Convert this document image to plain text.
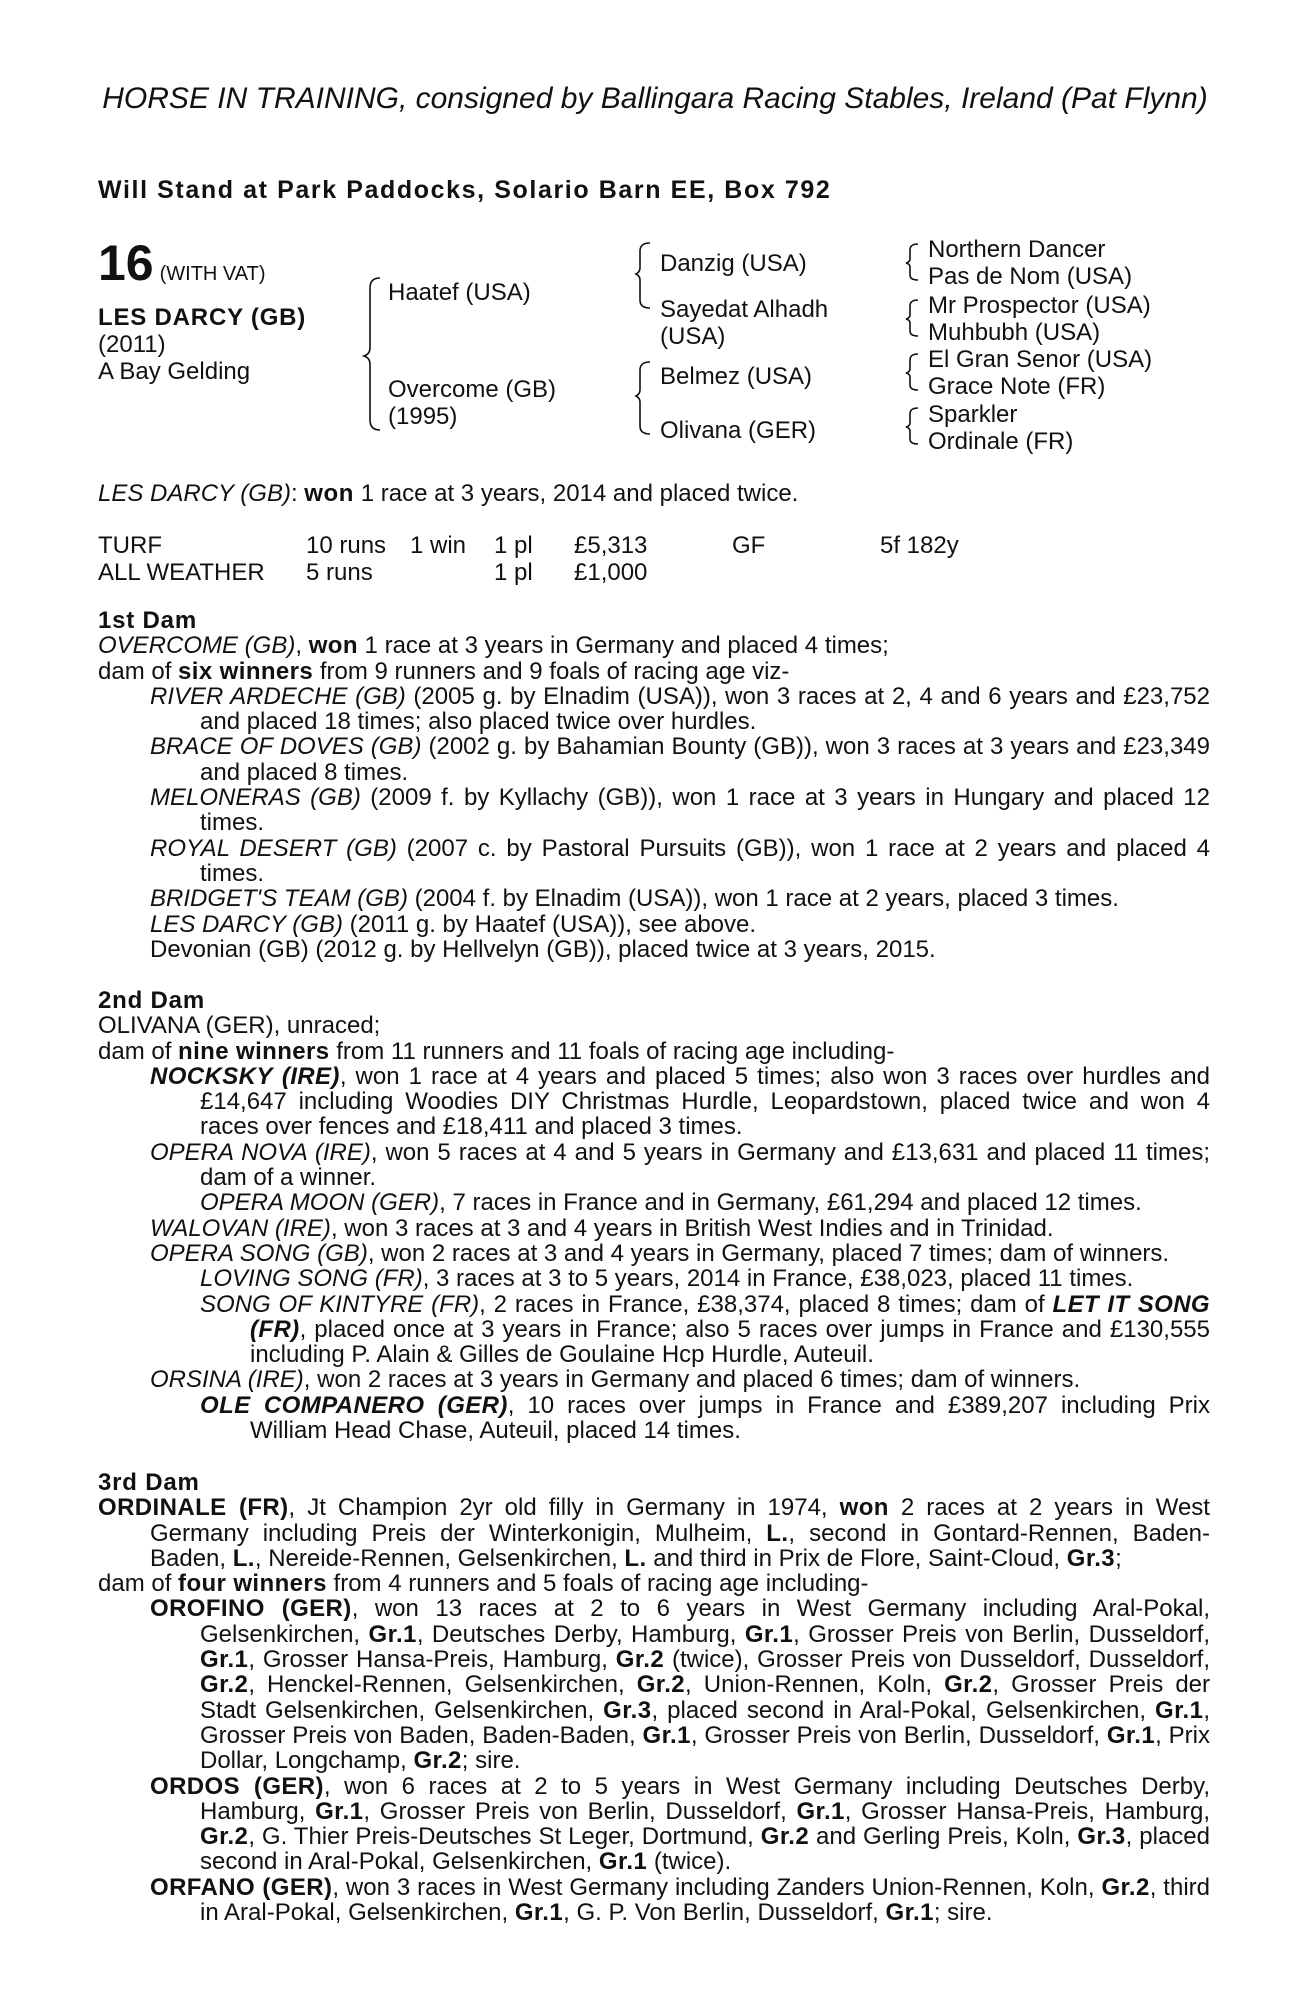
HORSE IN TRAINING, consigned by Ballingara Racing Stables, Ireland (Pat Flynn)
Will Stand at Park Paddocks, Solario Barn EE, Box 792
16 (WITH VAT)
LES DARCY (GB)
(2011)
A Bay Gelding
Haatef (USA)
Overcome (GB)
(1995)
Danzig (USA)
Sayedat Alhadh
(USA)
Belmez (USA)
Olivana (GER)
Northern Dancer
Pas de Nom (USA)
Mr Prospector (USA)
Muhbubh (USA)
El Gran Senor (USA)
Grace Note (FR)
Sparkler
Ordinale (FR)
LES DARCY (GB): won 1 race at 3 years, 2014 and placed twice.
TURF	10 runs 1 win 1 pl £5,313	GF	5f 182y
ALL WEATHER 5 runs	1 pl £1,000

1st Dam

OVERCOME (GB), won 1 race at 3 years in Germany and placed 4 times;

dam of six winners from 9 runners and 9 foals of racing age viz-

RIVER ARDECHE (GB) (2005 g. by Elnadim (USA)), won 3 races at 2, 4 and 6 years and £23,752 and placed 18 times; also placed twice over hurdles.

BRACE OF DOVES (GB) (2002 g. by Bahamian Bounty (GB)), won 3 races at 3 years and £23,349 and placed 8 times.

MELONERAS (GB) (2009 f. by Kyllachy (GB)), won 1 race at 3 years in Hungary and placed 12 times.

ROYAL DESERT (GB) (2007 c. by Pastoral Pursuits (GB)), won 1 race at 2 years and placed 4 times.

BRIDGET'S TEAM (GB) (2004 f. by Elnadim (USA)), won 1 race at 2 years, placed 3 times.

LES DARCY (GB) (2011 g. by Haatef (USA)), see above.

Devonian (GB) (2012 g. by Hellvelyn (GB)), placed twice at 3 years, 2015.

2nd Dam

OLIVANA (GER), unraced;

dam of nine winners from 11 runners and 11 foals of racing age including-

NOCKSKY (IRE), won 1 race at 4 years and placed 5 times; also won 3 races over hurdles and £14,647 including Woodies DIY Christmas Hurdle, Leopardstown, placed twice and won 4 races over fences and £18,411 and placed 3 times.

OPERA NOVA (IRE), won 5 races at 4 and 5 years in Germany and £13,631 and placed 11 times; dam of a winner.

OPERA MOON (GER), 7 races in France and in Germany, £61,294 and placed 12 times.

WALOVAN (IRE), won 3 races at 3 and 4 years in British West Indies and in Trinidad.

OPERA SONG (GB), won 2 races at 3 and 4 years in Germany, placed 7 times; dam of winners.

LOVING SONG (FR), 3 races at 3 to 5 years, 2014 in France, £38,023, placed 11 times.

SONG OF KINTYRE (FR), 2 races in France, £38,374, placed 8 times; dam of LET IT SONG (FR), placed once at 3 years in France; also 5 races over jumps in France and £130,555 including P. Alain & Gilles de Goulaine Hcp Hurdle, Auteuil.

ORSINA (IRE), won 2 races at 3 years in Germany and placed 6 times; dam of winners.

OLE COMPANERO (GER), 10 races over jumps in France and £389,207 including Prix William Head Chase, Auteuil, placed 14 times.

3rd Dam

ORDINALE (FR), Jt Champion 2yr old filly in Germany in 1974, won 2 races at 2 years in West Germany including Preis der Winterkonigin, Mulheim, L., second in Gontard-Rennen, Baden-Baden, L., Nereide-Rennen, Gelsenkirchen, L. and third in Prix de Flore, Saint-Cloud, Gr.3;

dam of four winners from 4 runners and 5 foals of racing age including-

OROFINO (GER), won 13 races at 2 to 6 years in West Germany including Aral-Pokal, Gelsenkirchen, Gr.1, Deutsches Derby, Hamburg, Gr.1, Grosser Preis von Berlin, Dusseldorf, Gr.1, Grosser Hansa-Preis, Hamburg, Gr.2 (twice), Grosser Preis von Dusseldorf, Dusseldorf, Gr.2, Henckel-Rennen, Gelsenkirchen, Gr.2, Union-Rennen, Koln, Gr.2, Grosser Preis der Stadt Gelsenkirchen, Gelsenkirchen, Gr.3, placed second in Aral-Pokal, Gelsenkirchen, Gr.1, Grosser Preis von Baden, Baden-Baden, Gr.1, Grosser Preis von Berlin, Dusseldorf, Gr.1, Prix Dollar, Longchamp, Gr.2; sire.

ORDOS (GER), won 6 races at 2 to 5 years in West Germany including Deutsches Derby, Hamburg, Gr.1, Grosser Preis von Berlin, Dusseldorf, Gr.1, Grosser Hansa-Preis, Hamburg, Gr.2, G. Thier Preis-Deutsches St Leger, Dortmund, Gr.2 and Gerling Preis, Koln, Gr.3, placed second in Aral-Pokal, Gelsenkirchen, Gr.1 (twice).

ORFANO (GER), won 3 races in West Germany including Zanders Union-Rennen, Koln, Gr.2, third in Aral-Pokal, Gelsenkirchen, Gr.1, G. P. Von Berlin, Dusseldorf, Gr.1; sire.
